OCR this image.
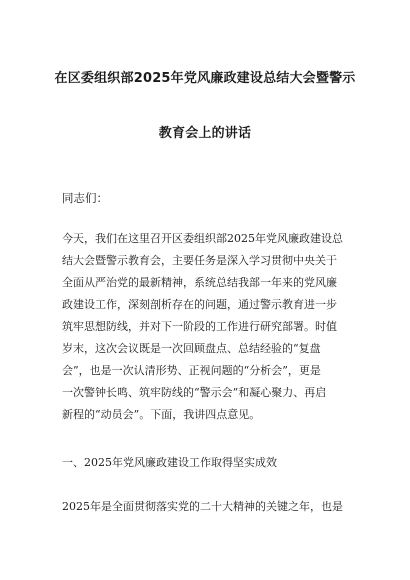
在区委组织部2025年党风廉政建设总结大会暨警示
教育会上的讲话
同志们：
今天，我们在这里召开区委组织部2025年党风廉政建设总
结大会暨警示教育会，主要任务是深入学习贯彻中央关于
全面从严治党的最新精神，系统总结我部一年来的党风廉
政建设工作，深刻剖析存在的问题，通过警示教育进一步
筑牢思想防线，并对下一阶段的工作进行研究部署。时值
岁末，这次会议既是一次回顾盘点、总结经验的“复盘
会”，也是一次认清形势、正视问题的“分析会”，更是
一次警钟长鸣、筑牢防线的“警示会”和凝心聚力、再启
新程的“动员会”。下面，我讲四点意见。
一、2025年党风廉政建设工作取得坚实成效
2025年是全面贯彻落实党的二十大精神的关键之年，也是
